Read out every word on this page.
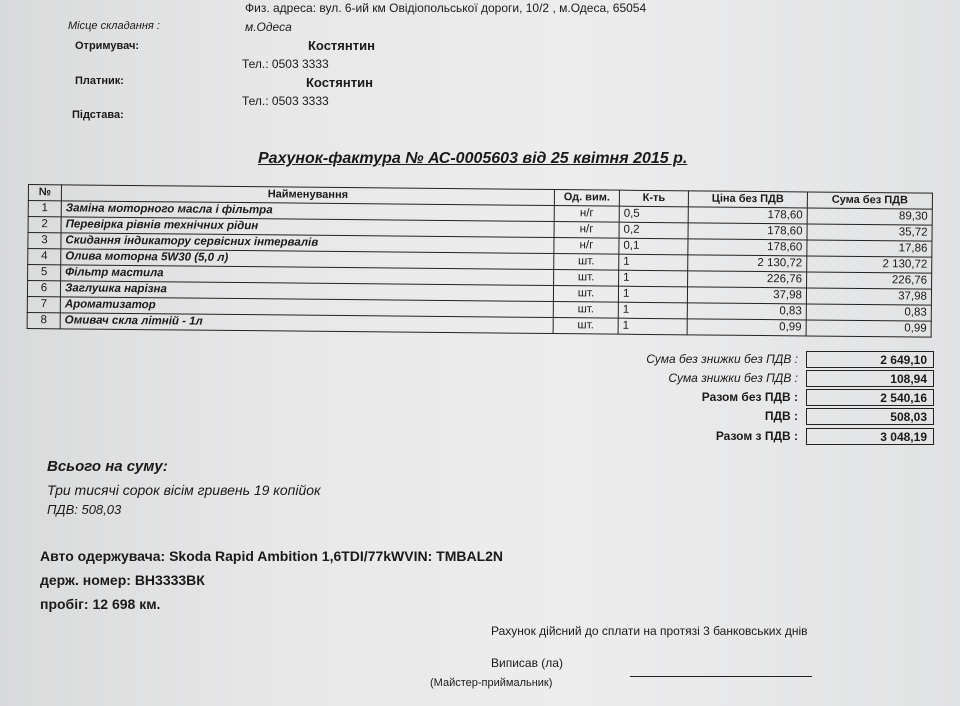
Физ. адреса: вул. 6-ий км Овідіопольської дороги, 10/2 , м.Одеса, 65054
Місце складання :	м.Одеса
Отримувач:	Костянтин
Тел.: 0503 3333
Платник:	Костянтин
Тел.: 0503 3333
Підстава:
Рахунок-фактура № АС-0005603 від 25 квітня 2015 р.
№	Найменування	Од. вим.	К-ть	Ціна без ПДВ	Сума без ПДВ
1	Заміна моторного масла і фільтра	н/г	0,5	178,60	89,30
2	Перевірка рівнів технічних рідин	н/г	0,2	178,60	35,72
3	Скидання індикатору сервісних інтервалів	н/г	0,1	178,60	17,86
4	Олива моторна 5W30 (5,0 л)	шт.	1	2 130,72	2 130,72
5	Фільтр мастила	шт.	1	226,76	226,76
6	Заглушка нарізна	шт.	1	37,98	37,98
7	Ароматизатор	шт.	1	0,83	0,83
8	Омивач скла літній - 1л	шт.	1	0,99	0,99
Сума без знижки без ПДВ :	2 649,10
Сума знижки без ПДВ :	108,94
Разом без ПДВ :	2 540,16
ПДВ :	508,03
Разом з ПДВ :	3 048,19
Всього на суму:
Три тисячі сорок вісім гривень 19 копійок
ПДВ: 508,03
Авто одержувача: Skoda Rapid Ambition 1,6TDI/77kWVIN: TMBAL2N
держ. номер: ВН3333ВК
пробіг: 12 698 км.
Рахунок дійсний до сплати на протязі 3 банковських днів
Виписав (ла)
(Майстер-приймальник)
